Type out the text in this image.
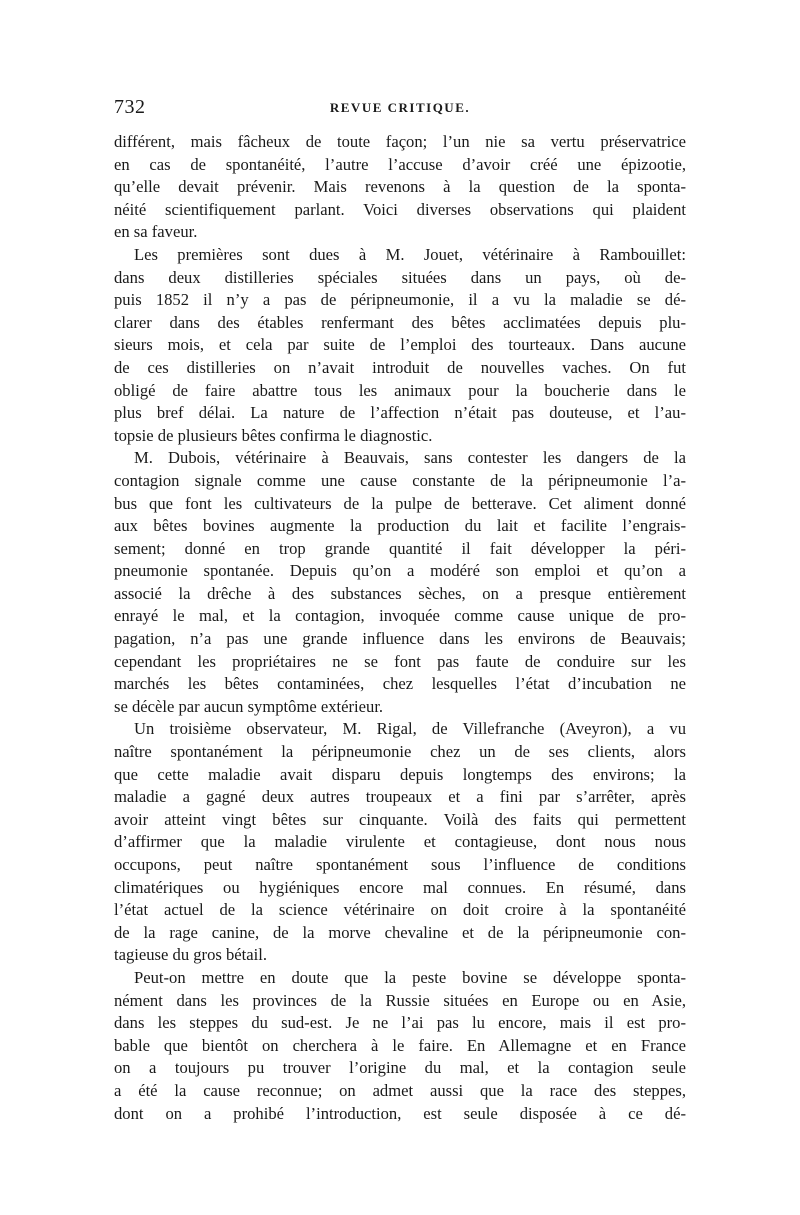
732	REVUE CRITIQUE.
différent, mais fâcheux de toute façon; l’un nie sa vertu préservatrice
en cas de spontanéité, l’autre l’accuse d’avoir créé une épizootie,
qu’elle devait prévenir. Mais revenons à la question de la sponta-
néité scientifiquement parlant. Voici diverses observations qui plaident
en sa faveur.
Les premières sont dues à M. Jouet, vétérinaire à Rambouillet:
dans deux distilleries spéciales situées dans un pays, où de-
puis 1852 il n’y a pas de péripneumonie, il a vu la maladie se dé-
clarer dans des étables renfermant des bêtes acclimatées depuis plu-
sieurs mois, et cela par suite de l’emploi des tourteaux. Dans aucune
de ces distilleries on n’avait introduit de nouvelles vaches. On fut
obligé de faire abattre tous les animaux pour la boucherie dans le
plus bref délai. La nature de l’affection n’était pas douteuse, et l’au-
topsie de plusieurs bêtes confirma le diagnostic.
M. Dubois, vétérinaire à Beauvais, sans contester les dangers de la
contagion signale comme une cause constante de la péripneumonie l’a-
bus que font les cultivateurs de la pulpe de betterave. Cet aliment donné
aux bêtes bovines augmente la production du lait et facilite l’engrais-
sement; donné en trop grande quantité il fait développer la péri-
pneumonie spontanée. Depuis qu’on a modéré son emploi et qu’on a
associé la drêche à des substances sèches, on a presque entièrement
enrayé le mal, et la contagion, invoquée comme cause unique de pro-
pagation, n’a pas une grande influence dans les environs de Beauvais;
cependant les propriétaires ne se font pas faute de conduire sur les
marchés les bêtes contaminées, chez lesquelles l’état d’incubation ne
se décèle par aucun symptôme extérieur.
Un troisième observateur, M. Rigal, de Villefranche (Aveyron), a vu
naître spontanément la péripneumonie chez un de ses clients, alors
que cette maladie avait disparu depuis longtemps des environs; la
maladie a gagné deux autres troupeaux et a fini par s’arrêter, après
avoir atteint vingt bêtes sur cinquante. Voilà des faits qui permettent
d’affirmer que la maladie virulente et contagieuse, dont nous nous
occupons, peut naître spontanément sous l’influence de conditions
climatériques ou hygiéniques encore mal connues. En résumé, dans
l’état actuel de la science vétérinaire on doit croire à la spontanéité
de la rage canine, de la morve chevaline et de la péripneumonie con-
tagieuse du gros bétail.
Peut-on mettre en doute que la peste bovine se développe sponta-
nément dans les provinces de la Russie situées en Europe ou en Asie,
dans les steppes du sud-est. Je ne l’ai pas lu encore, mais il est pro-
bable que bientôt on cherchera à le faire. En Allemagne et en France
on a toujours pu trouver l’origine du mal, et la contagion seule
a été la cause reconnue; on admet aussi que la race des steppes,
dont on a prohibé l’introduction, est seule disposée à ce dé-
